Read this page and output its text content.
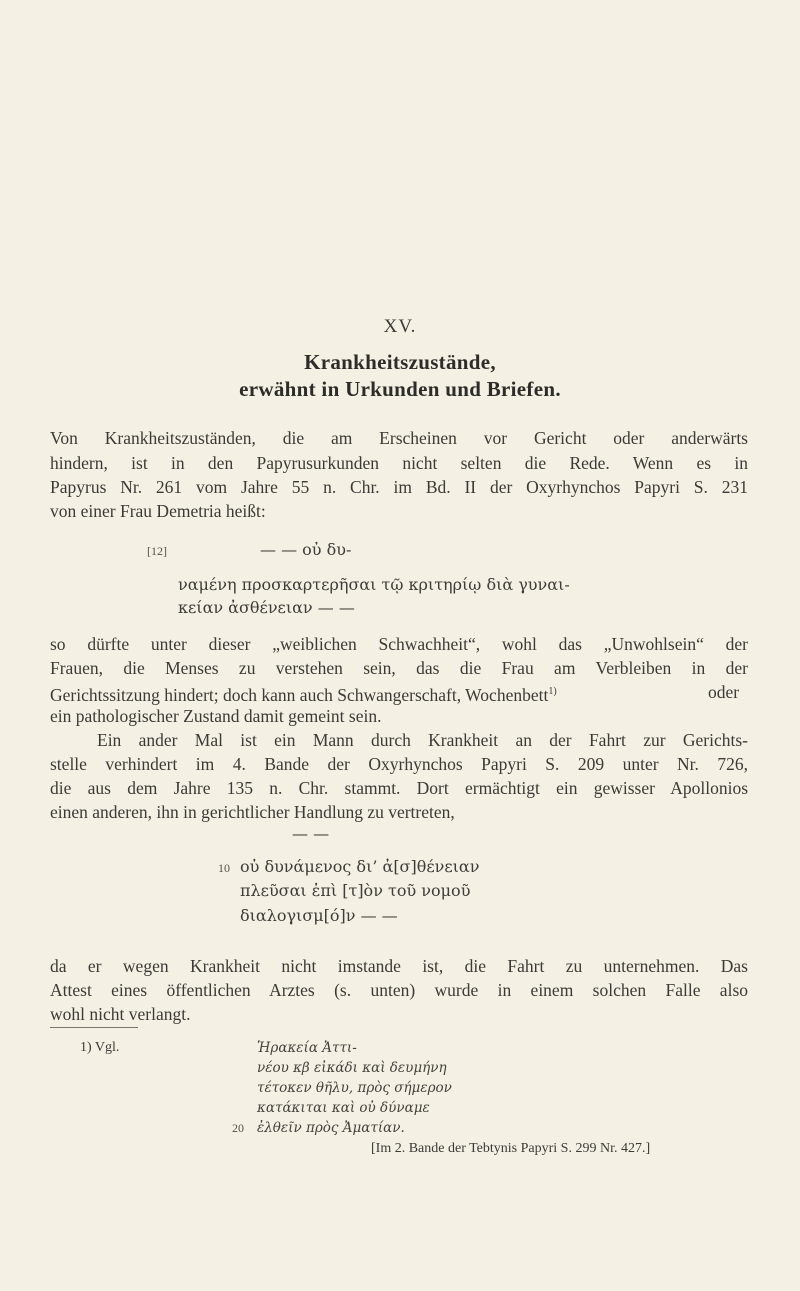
XV.
Krankheitszustände,
erwähnt in Urkunden und Briefen.
Von Krankheitszuständen, die am Erscheinen vor Gericht oder anderwärts
hindern, ist in den Papyrusurkunden nicht selten die Rede. Wenn es in
Papyrus Nr. 261 vom Jahre 55 n. Chr. im Bd. II der Oxyrhynchos Papyri S. 231
von einer Frau Demetria heißt:
[12]	— — οὐ δυ-
ναμένη προσκαρτερῆσαι τῷ κριτηρίῳ διὰ γυναι-
κείαν ἀσθένειαν — —
so dürfte unter dieser „weiblichen Schwachheit“, wohl das „Unwohlsein“ der
Frauen, die Menses zu verstehen sein, das die Frau am Verbleiben in der
Gerichtssitzung hindert; doch kann auch Schwangerschaft, Wochenbett$^{1)}$	oder
ein pathologischer Zustand damit gemeint sein.
Ein ander Mal ist ein Mann durch Krankheit an der Fahrt zur Gerichts-
stelle verhindert im 4. Bande der Oxyrhynchos Papyri S. 209 unter Nr. 726,
die aus dem Jahre 135 n. Chr. stammt. Dort ermächtigt ein gewisser Apollonios
einen anderen, ihn in gerichtlicher Handlung zu vertreten,
— —
10 οὐ δυνάμενος δι’ ἀ[σ]θένειαν
πλεῦσαι ἐπὶ [τ]ὸν τοῦ νομοῦ
διαλογισμ[ό]ν — —
da er wegen Krankheit nicht imstande ist, die Fahrt zu unternehmen. Das
Attest eines öffentlichen Arztes (s. unten) wurde in einem solchen Falle also
wohl nicht verlangt.
1) Vgl.	Ἡρακεία Ἀττι-
νέου κβ εἰκάδι καὶ δευμήνη
τέτοκεν θῆλυ, πρὸς σήμερον
κατάκιται καὶ οὐ δύναμε
20 ἐλθεῖν πρὸς Ἀματίαν.
[Im 2. Bande der Tebtynis Papyri S. 299 Nr. 427.]
